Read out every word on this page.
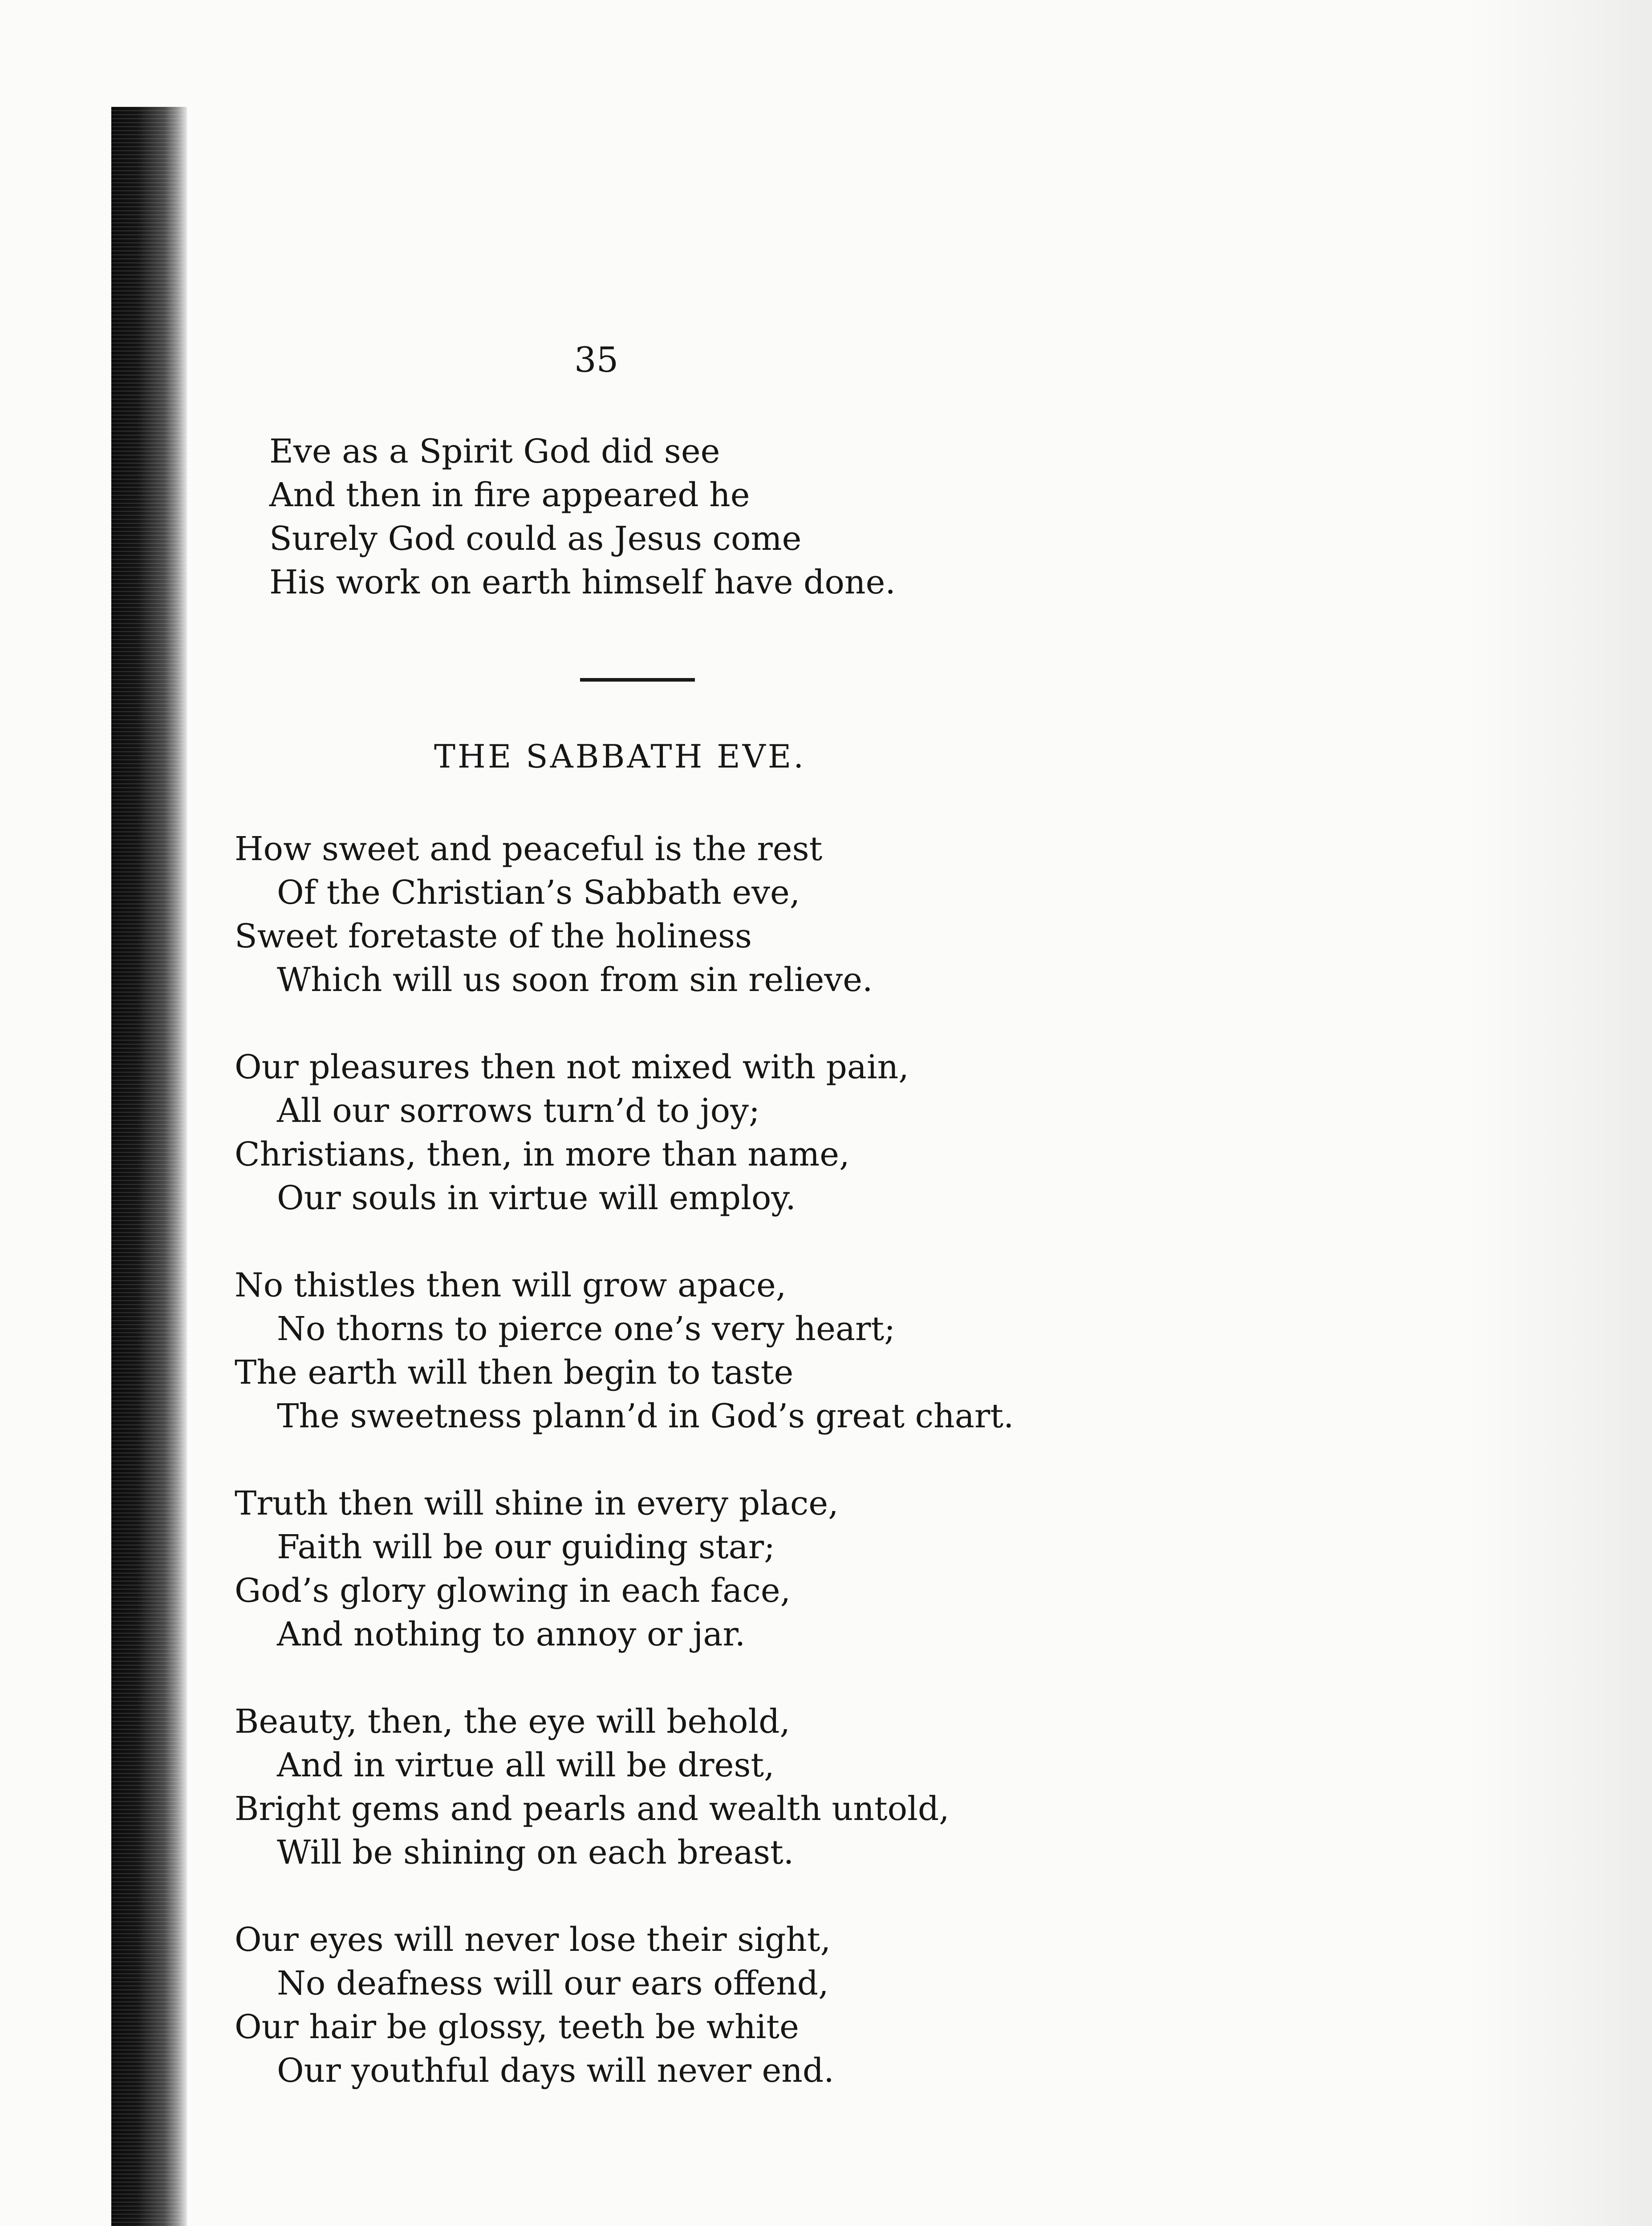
35
Eve as a Spirit God did see
And then in fire appeared he
Surely God could as Jesus come
His work on earth himself have done.
THE SABBATH EVE.
How sweet and peaceful is the rest
Of the Christian’s Sabbath eve,
Sweet foretaste of the holiness
Which will us soon from sin relieve.
Our pleasures then not mixed with pain,
All our sorrows turn’d to joy;
Christians, then, in more than name,
Our souls in virtue will employ.
No thistles then will grow apace,
No thorns to pierce one’s very heart;
The earth will then begin to taste
The sweetness plann’d in God’s great chart.
Truth then will shine in every place,
Faith will be our guiding star;
God’s glory glowing in each face,
And nothing to annoy or jar.
Beauty, then, the eye will behold,
And in virtue all will be drest,
Bright gems and pearls and wealth untold,
Will be shining on each breast.
Our eyes will never lose their sight,
No deafness will our ears offend,
Our hair be glossy, teeth be white
Our youthful days will never end.
